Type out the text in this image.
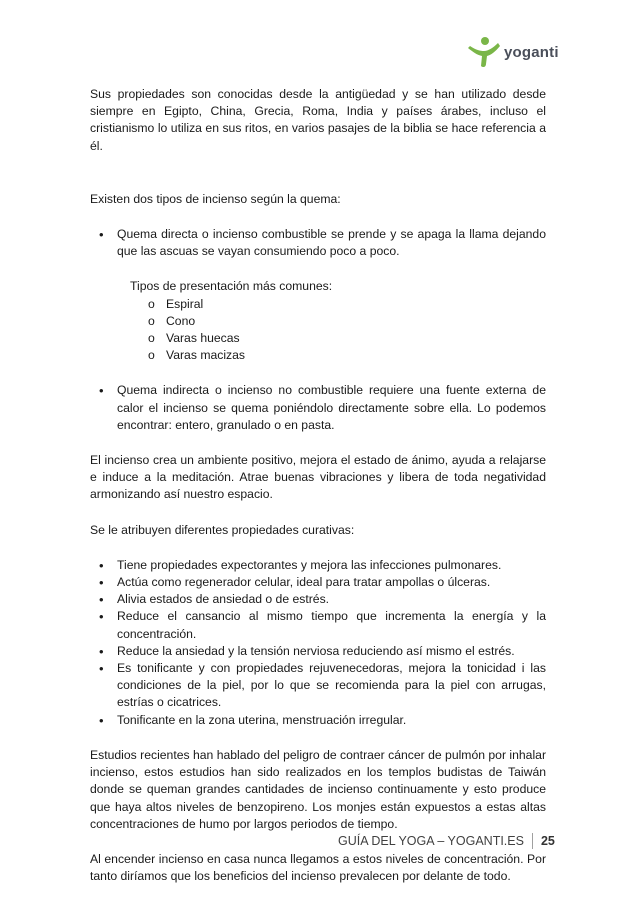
yoganti

Sus propiedades son conocidas desde la antigüedad y se han utilizado desde siempre en Egipto, China, Grecia, Roma, India y países árabes, incluso el cristianismo lo utiliza en sus ritos, en varios pasajes de la biblia se hace referencia a él.

Existen dos tipos de incienso según la quema:

• Quema directa o incienso combustible se prende y se apaga la llama dejando que las ascuas se vayan consumiendo poco a poco.
Tipos de presentación más comunes:
o Espiral
o Cono
o Varas huecas
o Varas macizas
• Quema indirecta o incienso no combustible requiere una fuente externa de calor el incienso se quema poniéndolo directamente sobre ella. Lo podemos encontrar: entero, granulado o en pasta.

El incienso crea un ambiente positivo, mejora el estado de ánimo, ayuda a relajarse e induce a la meditación. Atrae buenas vibraciones y libera de toda negatividad armonizando así nuestro espacio.

Se le atribuyen diferentes propiedades curativas:

• Tiene propiedades expectorantes y mejora las infecciones pulmonares.
• Actúa como regenerador celular, ideal para tratar ampollas o úlceras.
• Alivia estados de ansiedad o de estrés.
• Reduce el cansancio al mismo tiempo que incrementa la energía y la concentración.
• Reduce la ansiedad y la tensión nerviosa reduciendo así mismo el estrés.
• Es tonificante y con propiedades rejuvenecedoras, mejora la tonicidad i las condiciones de la piel, por lo que se recomienda para la piel con arrugas, estrías o cicatrices.
• Tonificante en la zona uterina, menstruación irregular.

Estudios recientes han hablado del peligro de contraer cáncer de pulmón por inhalar incienso, estos estudios han sido realizados en los templos budistas de Taiwán donde se queman grandes cantidades de incienso continuamente y esto produce que haya altos niveles de benzopireno. Los monjes están expuestos a estas altas concentraciones de humo por largos periodos de tiempo.

Al encender incienso en casa nunca llegamos a estos niveles de concentración. Por tanto diríamos que los beneficios del incienso prevalecen por delante de todo.

GUÍA DEL YOGA – YOGANTI.ES 25
